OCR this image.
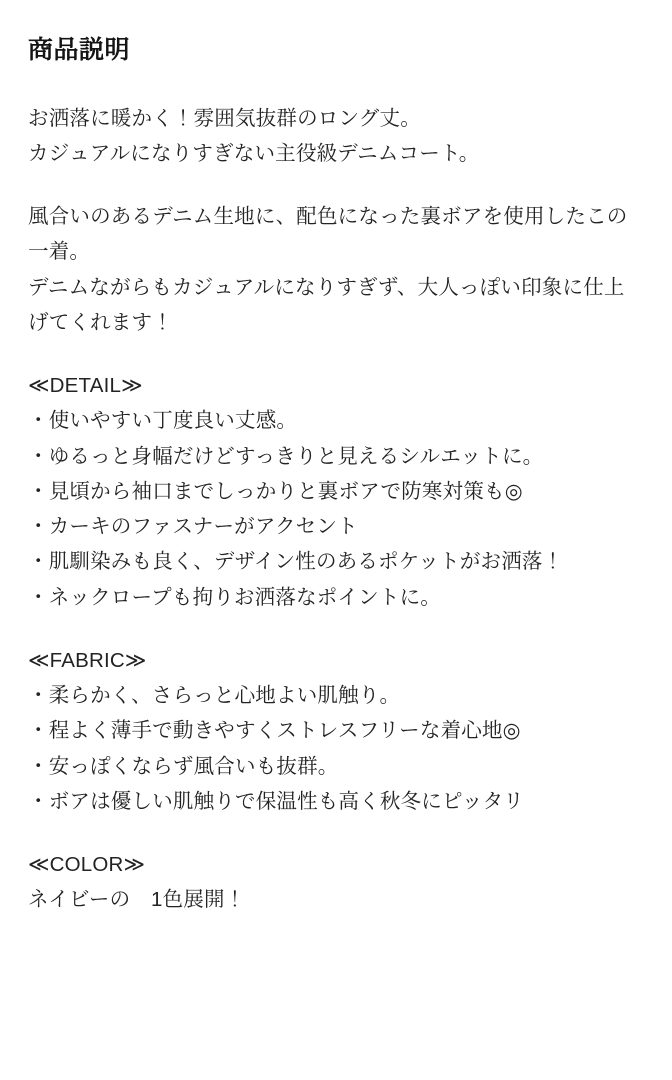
商品説明

お洒落に暖かく！雰囲気抜群のロング丈。

カジュアルになりすぎない主役級デニムコート。

風合いのあるデニム生地に、配色になった裏ボアを使用したこの一着。

デニムながらもカジュアルになりすぎず、大人っぽい印象に仕上げてくれます！

≪DETAIL≫
・使いやすい丁度良い丈感。
・ゆるっと身幅だけどすっきりと見えるシルエットに。
・見頃から袖口までしっかりと裏ボアで防寒対策も◎
・カーキのファスナーがアクセント
・肌馴染みも良く、デザイン性のあるポケットがお洒落！
・ネックロープも拘りお洒落なポイントに。
≪FABRIC≫
・柔らかく、さらっと心地よい肌触り。
・程よく薄手で動きやすくストレスフリーな着心地◎
・安っぽくならず風合いも抜群。
・ボアは優しい肌触りで保温性も高く秋冬にピッタリ
≪COLOR≫
ネイビーの　1色展開！
